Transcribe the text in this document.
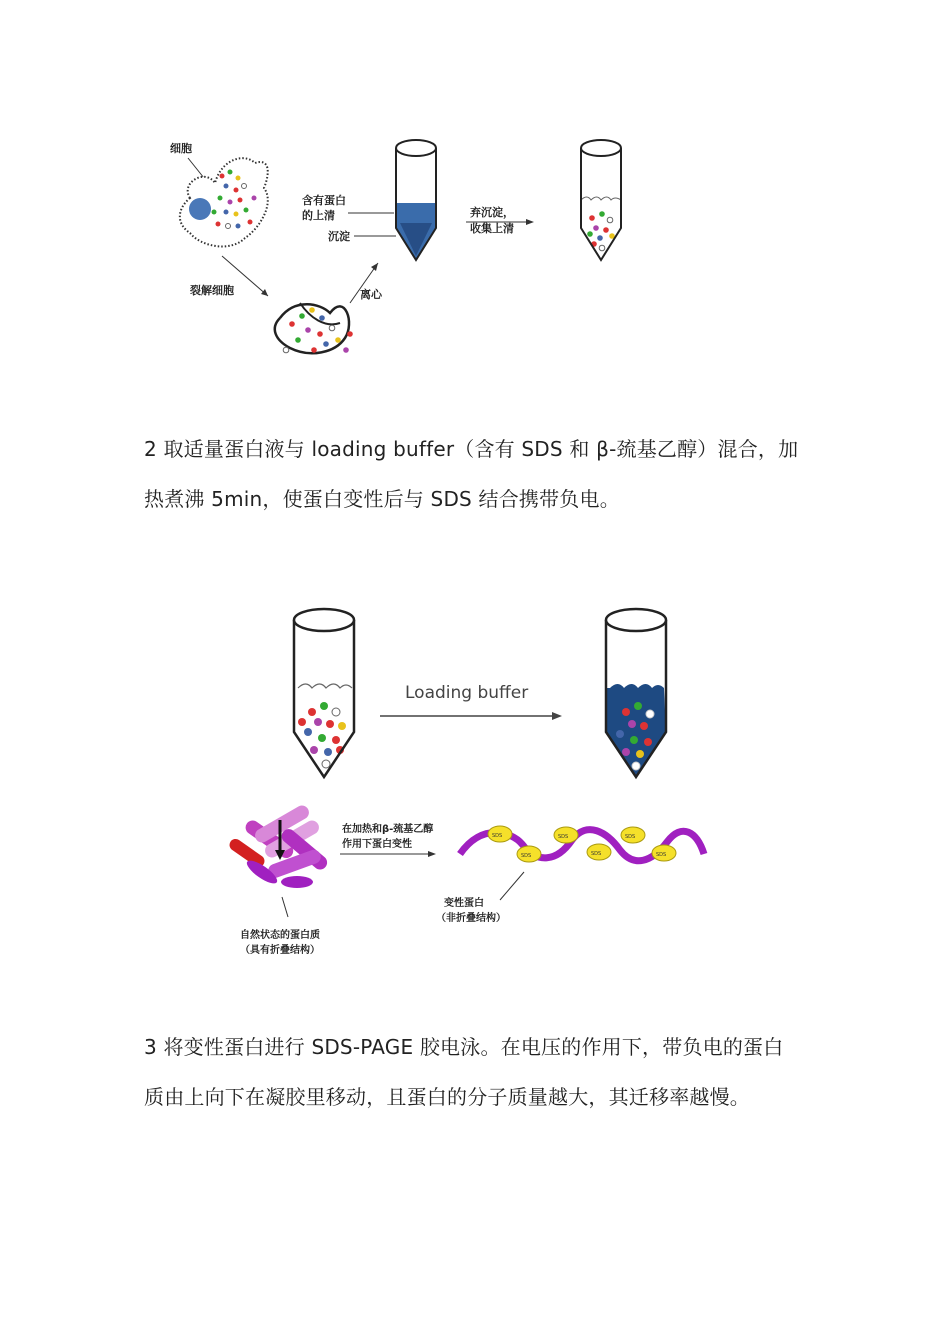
细胞
裂解细胞	离心
含有蛋白
的上清
沉淀
弃沉淀，
收集上清
2 取适量蛋白液与 loading buffer（含有 SDS 和 β-巯基乙醇）混合，加
热煮沸 5min，使蛋白变性后与 SDS 结合携带负电。
Loading buffer
自然状态的蛋白质
（具有折叠结构）
在加热和β-巯基乙醇
作用下蛋白变性
SDS
SDS
SDS
SDS
SDS
SDS
变性蛋白
（非折叠结构）
3 将变性蛋白进行 SDS-PAGE 胶电泳。在电压的作用下，带负电的蛋白
质由上向下在凝胶里移动，且蛋白的分子质量越大，其迁移率越慢。
